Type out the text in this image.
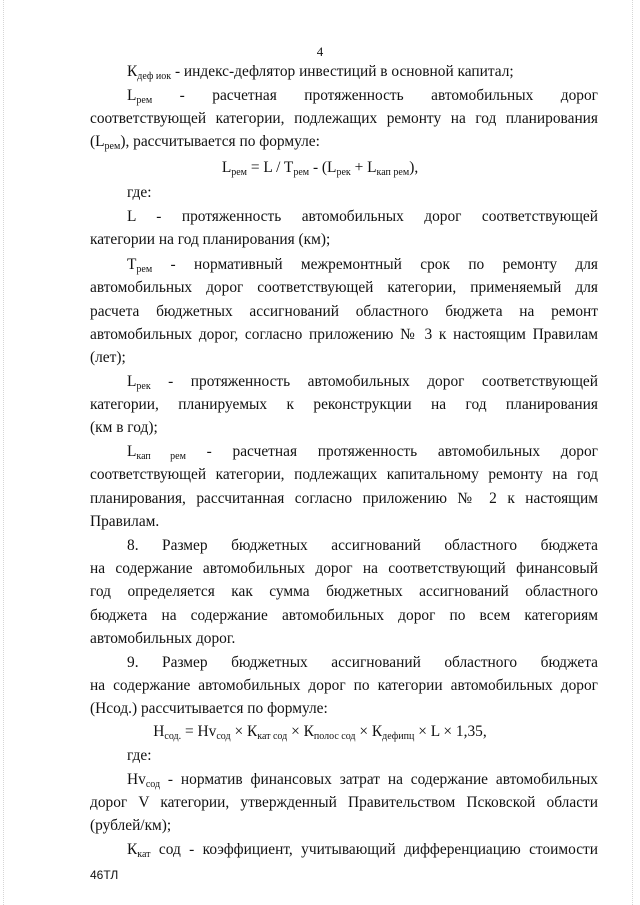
4
$К_{деф иок}$ - индекс-дефлятор инвестиций в основной капитал;
$L_{рем}$ - расчетная протяженность автомобильных дорог
соответствующей категории, подлежащих ремонту на год планирования
$(L_{рем})$, рассчитывается по формуле:
$L_{рем} = L / T_{рем} - (L_{рек} + L_{кап рем})$,
где:
L - протяженность автомобильных дорог соответствующей
категории на год планирования (км);
$Т_{рем}$ - нормативный межремонтный срок по ремонту для
автомобильных дорог соответствующей категории, применяемый для
расчета бюджетных ассигнований областного бюджета на ремонт
автомобильных дорог, согласно приложению № 3 к настоящим Правилам
(лет);
$L_{рек}$ - протяженность автомобильных дорог соответствующей
категории, планируемых к реконструкции на год планирования
(км в год);
$L_{кап рем}$ - расчетная протяженность автомобильных дорог
соответствующей категории, подлежащих капитальному ремонту на год
планирования, рассчитанная согласно приложению № 2 к настоящим
Правилам.
8. Размер бюджетных ассигнований областного бюджета
на содержание автомобильных дорог на соответствующий финансовый
год определяется как сумма бюджетных ассигнований областного
бюджета на содержание автомобильных дорог по всем категориям
автомобильных дорог.
9. Размер бюджетных ассигнований областного бюджета
на содержание автомобильных дорог по категории автомобильных дорог
(Нсод.) рассчитывается по формуле:
$Н_{сод.} = Нv_{сод} \times К_{кат сод} \times К_{полос сод} \times К_{дефипц} \times L \times 1,35$,
где:
$Нv_{сод}$ - норматив финансовых затрат на содержание автомобильных
дорог V категории, утвержденный Правительством Псковской области
(рублей/км);
$К_{кат}$ сод - коэффициент, учитывающий дифференциацию стоимости
46ТЛ
